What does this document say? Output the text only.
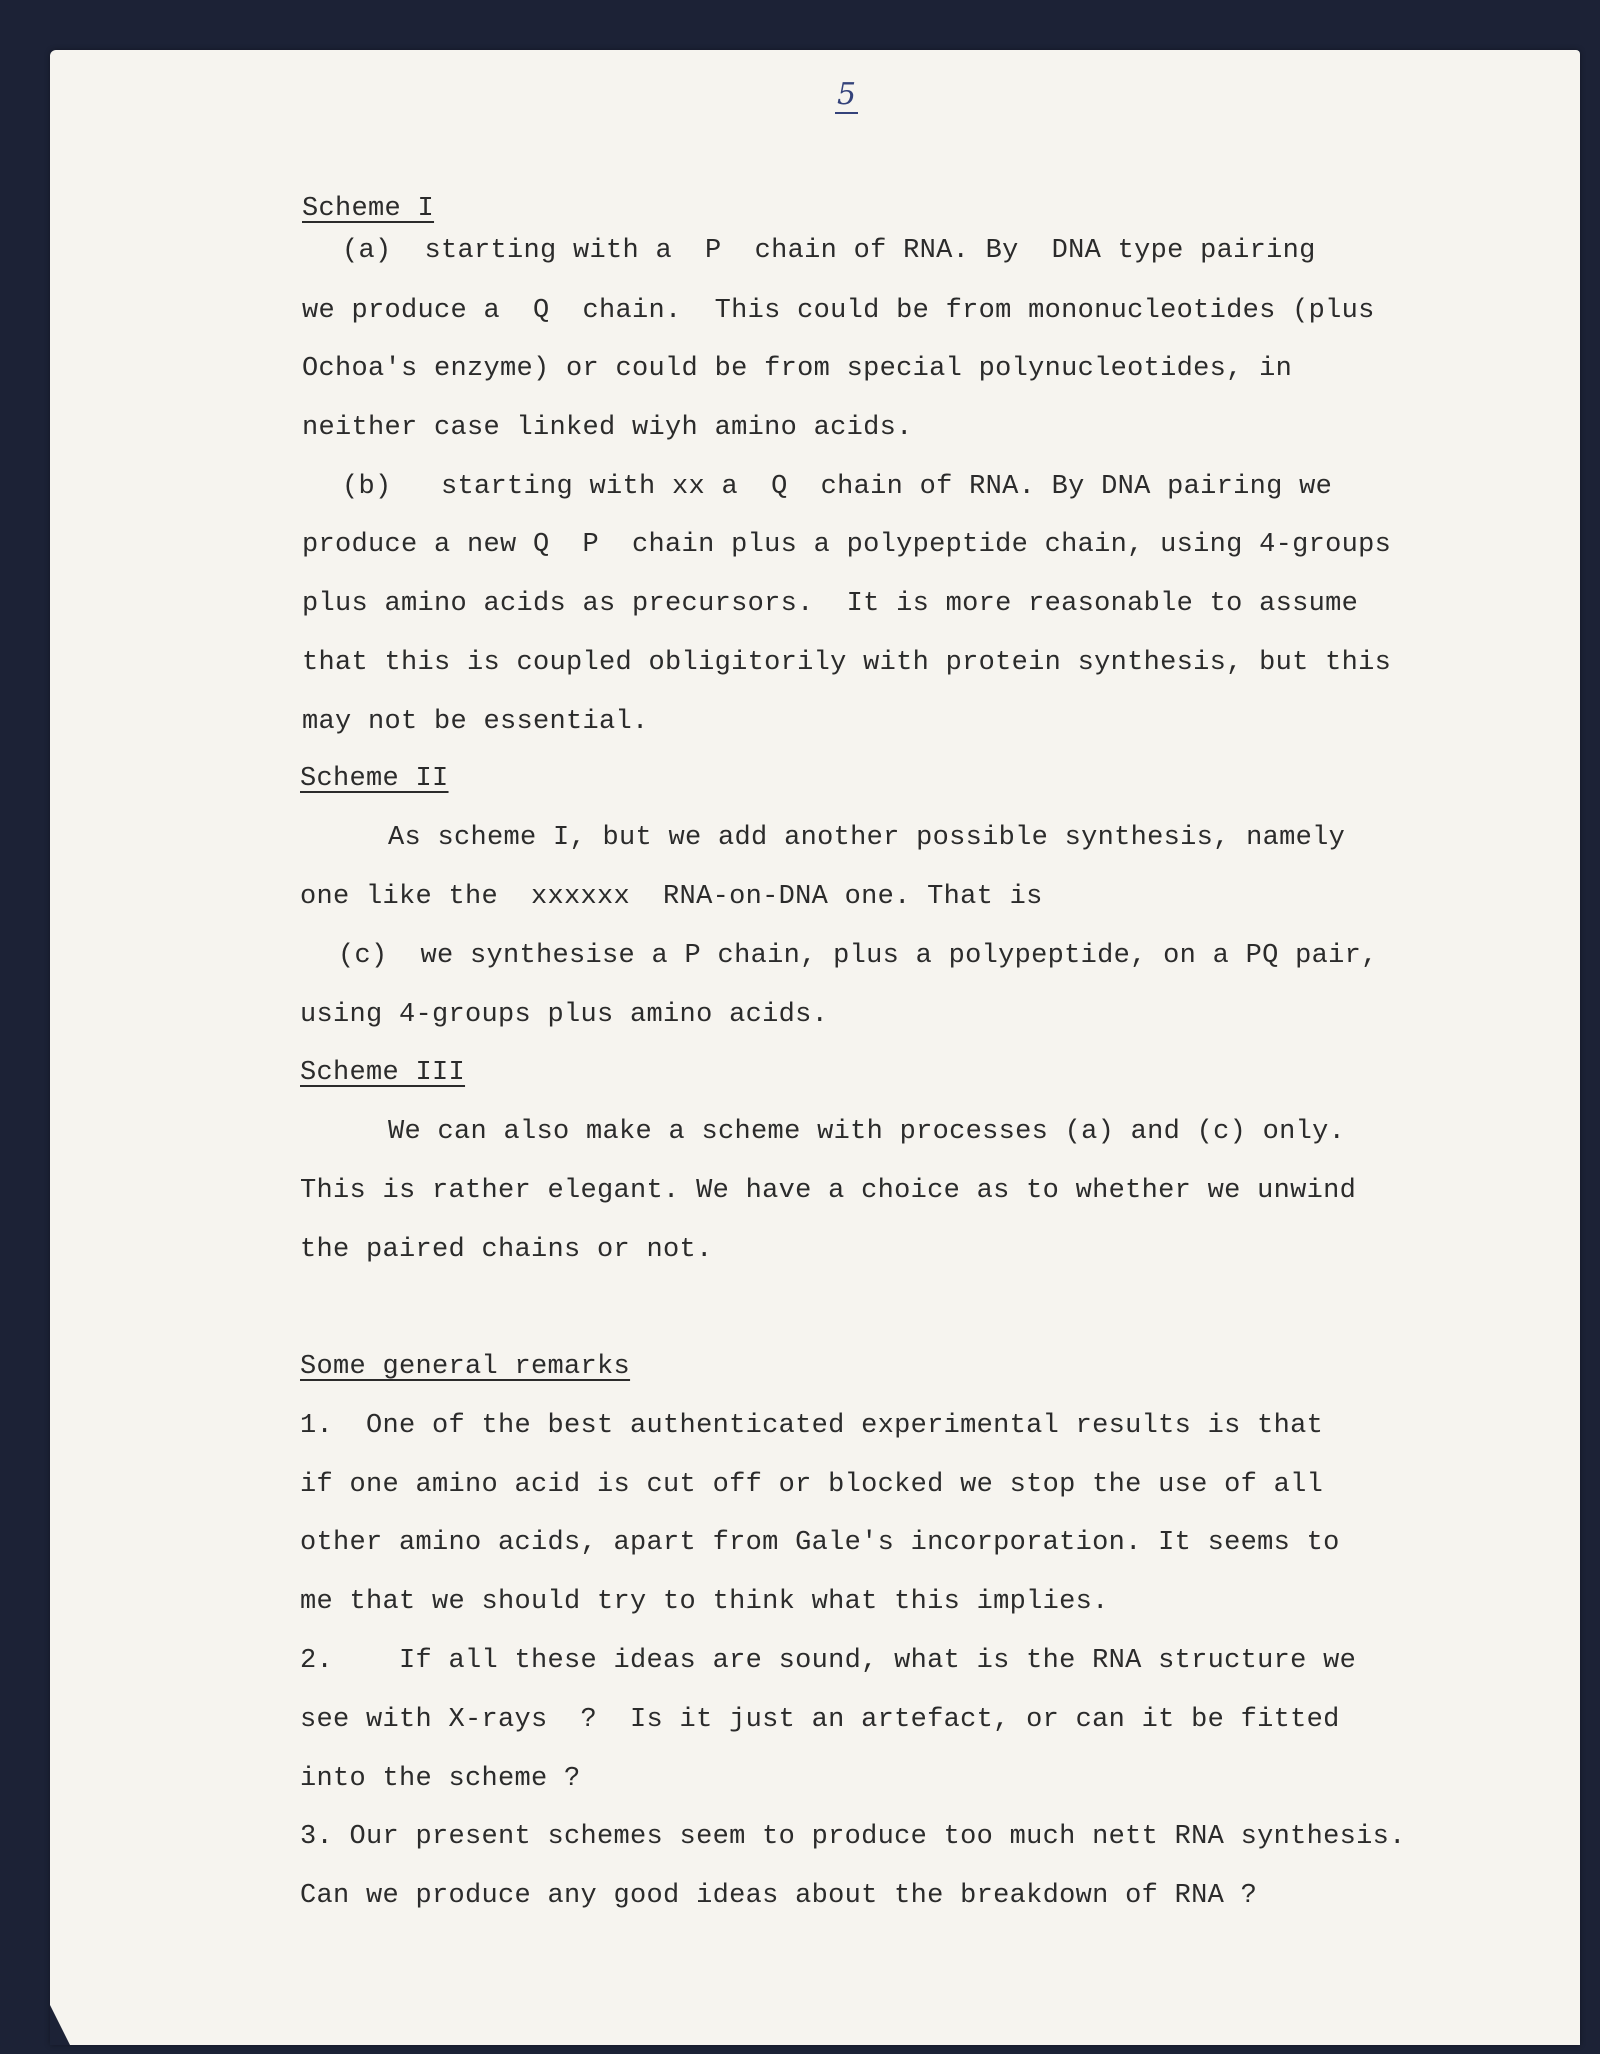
5
Scheme I
(a)  starting with a  P  chain of RNA. By  DNA type pairing
we produce a  Q  chain.  This could be from mononucleotides (plus
Ochoa's enzyme) or could be from special polynucleotides, in
neither case linked wiyh amino acids.
(b)   starting with xx a  Q  chain of RNA. By DNA pairing we
produce a new Q  P  chain plus a polypeptide chain, using 4-groups
plus amino acids as precursors.  It is more reasonable to assume
that this is coupled obligitorily with protein synthesis, but this
may not be essential.
Scheme II
As scheme I, but we add another possible synthesis, namely
one like the  xxxxxx  RNA-on-DNA one. That is
(c)  we synthesise a P chain, plus a polypeptide, on a PQ pair,
using 4-groups plus amino acids.
Scheme III
We can also make a scheme with processes (a) and (c) only.
This is rather elegant. We have a choice as to whether we unwind
the paired chains or not.
Some general remarks
1.  One of the best authenticated experimental results is that
if one amino acid is cut off or blocked we stop the use of all
other amino acids, apart from Gale's incorporation. It seems to
me that we should try to think what this implies.
2.    If all these ideas are sound, what is the RNA structure we
see with X-rays  ?  Is it just an artefact, or can it be fitted
into the scheme ?
3. Our present schemes seem to produce too much nett RNA synthesis.
Can we produce any good ideas about the breakdown of RNA ?
